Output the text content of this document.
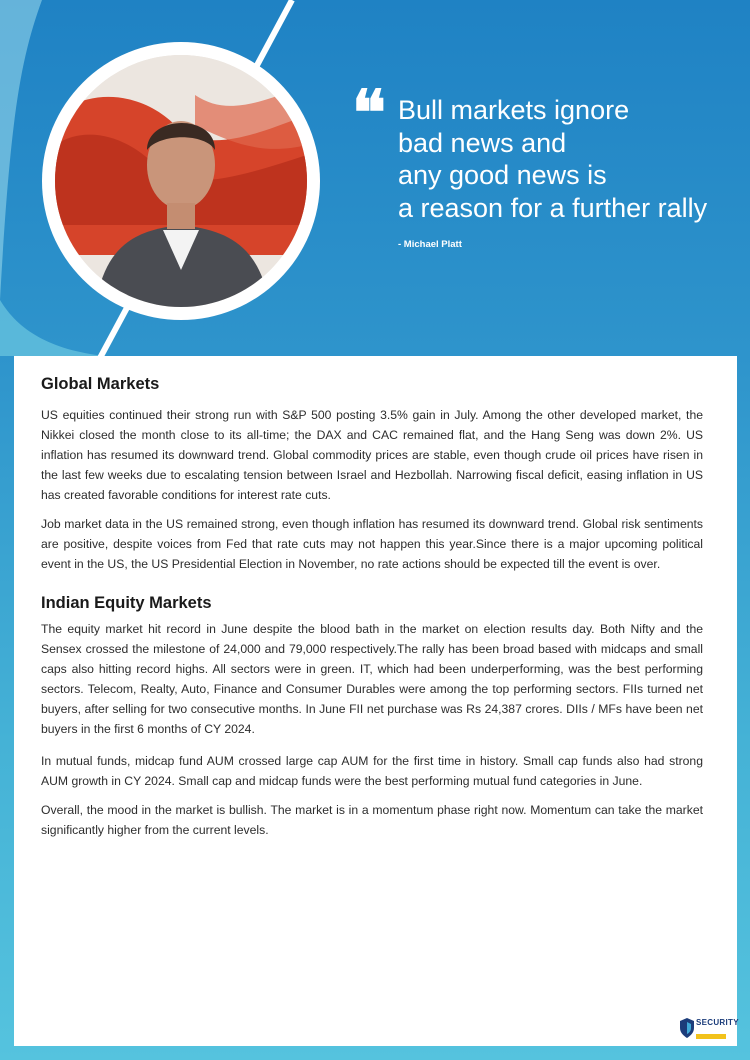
❛❛ Bull markets ignore
bad news and
any good news is
a reason for a further rally
- Michael Platt
Global Markets

US equities continued their strong run with S&P 500 posting 3.5% gain in July. Among the other developed market, the Nikkei closed the month close to its all-time; the DAX and CAC remained flat, and the Hang Seng was down 2%. US inflation has resumed its downward trend. Global commodity prices are stable, even though crude oil prices have risen in the last few weeks due to escalating tension between Israel and Hezbollah. Narrowing fiscal deficit, easing inflation in US has created favorable conditions for interest rate cuts.

Job market data in the US remained strong, even though inflation has resumed its downward trend. Global risk sentiments are positive, despite voices from Fed that rate cuts may not happen this year.Since there is a major upcoming political event in the US, the US Presidential Election in November, no rate actions should be expected till the event is over.

Indian Equity Markets

The equity market hit record in June despite the blood bath in the market on election results day. Both Nifty and the Sensex crossed the milestone of 24,000 and 79,000 respectively.The rally has been broad based with midcaps and small caps also hitting record highs. All sectors were in green. IT, which had been underperforming, was the best performing sectors. Telecom, Realty, Auto, Finance and Consumer Durables were among the top performing sectors. FIIs turned net buyers, after selling for two consecutive months. In June FII net purchase was Rs 24,387 crores. DIIs / MFs have been net buyers in the first 6 months of CY 2024.

In mutual funds, midcap fund AUM crossed large cap AUM for the first time in history. Small cap funds also had strong AUM growth in CY 2024. Small cap and midcap funds were the best performing mutual fund categories in June.

Overall, the mood in the market is bullish. The market is in a momentum phase right now. Momentum can take the market significantly higher from the current levels.

SECURITY
